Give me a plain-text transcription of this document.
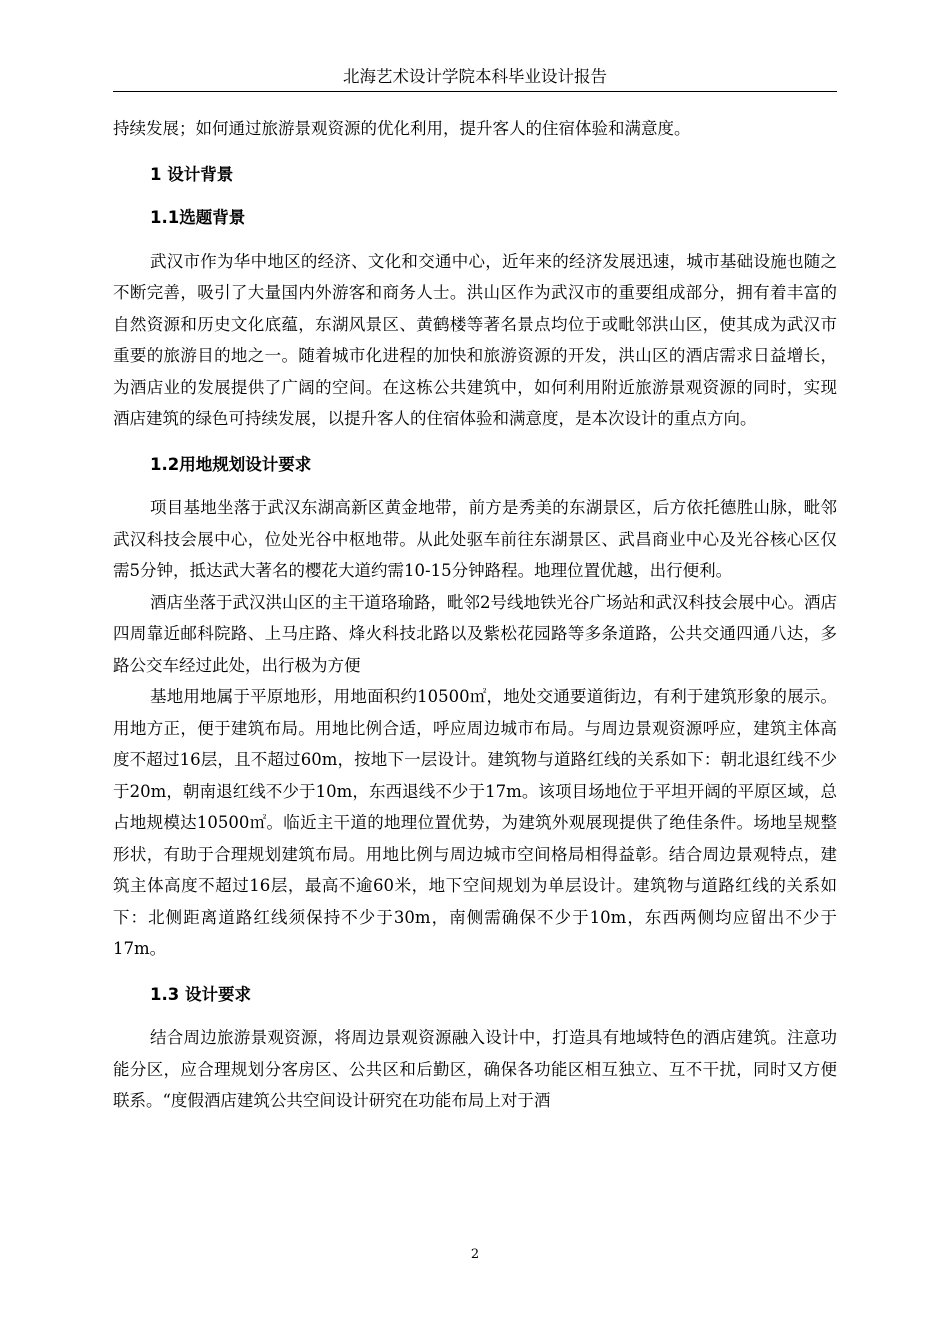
北海艺术设计学院本科毕业设计报告

持续发展；如何通过旅游景观资源的优化利用，提升客人的住宿体验和满意度。

1 设计背景

1.1选题背景

武汉市作为华中地区的经济、文化和交通中心，近年来的经济发展迅速，城市基础设施也随之不断完善，吸引了大量国内外游客和商务人士。洪山区作为武汉市的重要组成部分，拥有着丰富的自然资源和历史文化底蕴，东湖风景区、黄鹤楼等著名景点均位于或毗邻洪山区，使其成为武汉市重要的旅游目的地之一。随着城市化进程的加快和旅游资源的开发，洪山区的酒店需求日益增长，为酒店业的发展提供了广阔的空间。在这栋公共建筑中，如何利用附近旅游景观资源的同时，实现酒店建筑的绿色可持续发展，以提升客人的住宿体验和满意度，是本次设计的重点方向。

1.2用地规划设计要求

项目基地坐落于武汉东湖高新区黄金地带，前方是秀美的东湖景区，后方依托德胜山脉，毗邻武汉科技会展中心，位处光谷中枢地带。从此处驱车前往东湖景区、武昌商业中心及光谷核心区仅需5分钟，抵达武大著名的樱花大道约需10-15分钟路程。地理位置优越，出行便利。

酒店坐落于武汉洪山区的主干道珞瑜路，毗邻2号线地铁光谷广场站和武汉科技会展中心。酒店四周靠近邮科院路、上马庄路、烽火科技北路以及紫松花园路等多条道路，公共交通四通八达，多路公交车经过此处，出行极为方便

基地用地属于平原地形，用地面积约10500㎡，地处交通要道街边，有利于建筑形象的展示。用地方正，便于建筑布局。用地比例合适，呼应周边城市布局。与周边景观资源呼应，建筑主体高度不超过16层，且不超过60m，按地下一层设计。建筑物与道路红线的关系如下：朝北退红线不少于20m，朝南退红线不少于10m，东西退线不少于17m。该项目场地位于平坦开阔的平原区域，总占地规模达10500㎡。临近主干道的地理位置优势，为建筑外观展现提供了绝佳条件。场地呈规整形状，有助于合理规划建筑布局。用地比例与周边城市空间格局相得益彰。结合周边景观特点，建筑主体高度不超过16层，最高不逾60米，地下空间规划为单层设计。建筑物与道路红线的关系如下：北侧距离道路红线须保持不少于30m，南侧需确保不少于10m，东西两侧均应留出不少于17m。

1.3 设计要求

结合周边旅游景观资源，将周边景观资源融入设计中，打造具有地域特色的酒店建筑。注意功能分区，应合理规划分客房区、公共区和后勤区，确保各功能区相互独立、互不干扰，同时又方便联系。“度假酒店建筑公共空间设计研究在功能布局上对于酒

2
